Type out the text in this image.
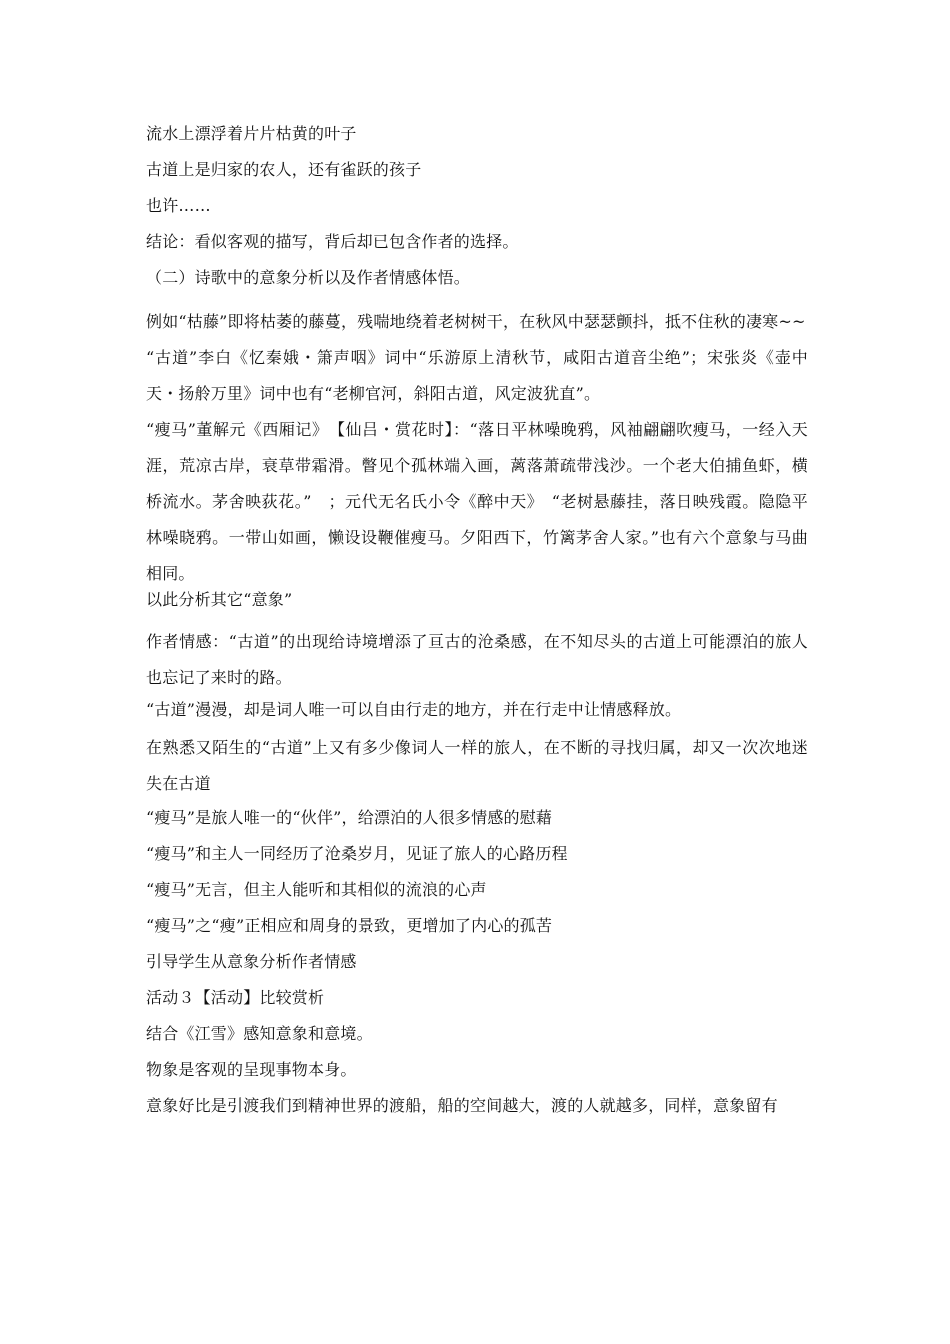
流水上漂浮着片片枯黄的叶子

古道上是归家的农人，还有雀跃的孩子

也许……

结论：看似客观的描写，背后却已包含作者的选择。

（二）诗歌中的意象分析以及作者情感体悟。

例如“枯藤”即将枯萎的藤蔓，残喘地绕着老树树干，在秋风中瑟瑟颤抖，抵不住秋的凄寒~~

“古道”李白《忆秦娥・箫声咽》词中“乐游原上清秋节，咸阳古道音尘绝”；宋张炎《壶中天・扬舲万里》词中也有“老柳官河，斜阳古道，风定波犹直”。

“瘦马”董解元《西厢记》　【仙吕・赏花时】：“落日平林噪晚鸦，风袖翩翩吹瘦马，一经入天涯，荒凉古岸，衰草带霜滑。瞥见个孤林端入画，蓠落萧疏带浅沙。一个老大伯捕鱼虾，横桥流水。茅舍映荻花。”　；元代无名氏小令《醉中天》　“老树悬藤挂，落日映残霞。隐隐平林噪晓鸦。一带山如画，懒设设鞭催瘦马。夕阳西下，竹篱茅舍人家。”也有六个意象与马曲相同。

以此分析其它“意象”

作者情感：“古道”的出现给诗境增添了亘古的沧桑感，在不知尽头的古道上可能漂泊的旅人也忘记了来时的路。

“古道”漫漫，却是词人唯一可以自由行走的地方，并在行走中让情感释放。

在熟悉又陌生的“古道”上又有多少像词人一样的旅人，在不断的寻找归属，却又一次次地迷失在古道

“瘦马”是旅人唯一的“伙伴”，给漂泊的人很多情感的慰藉

“瘦马”和主人一同经历了沧桑岁月，见证了旅人的心路历程

“瘦马”无言，但主人能听和其相似的流浪的心声

“瘦马”之“瘦”正相应和周身的景致，更增加了内心的孤苦

引导学生从意象分析作者情感

活动３【活动】比较赏析

结合《江雪》感知意象和意境。

物象是客观的呈现事物本身。

意象好比是引渡我们到精神世界的渡船，船的空间越大，渡的人就越多，同样，意象留有
